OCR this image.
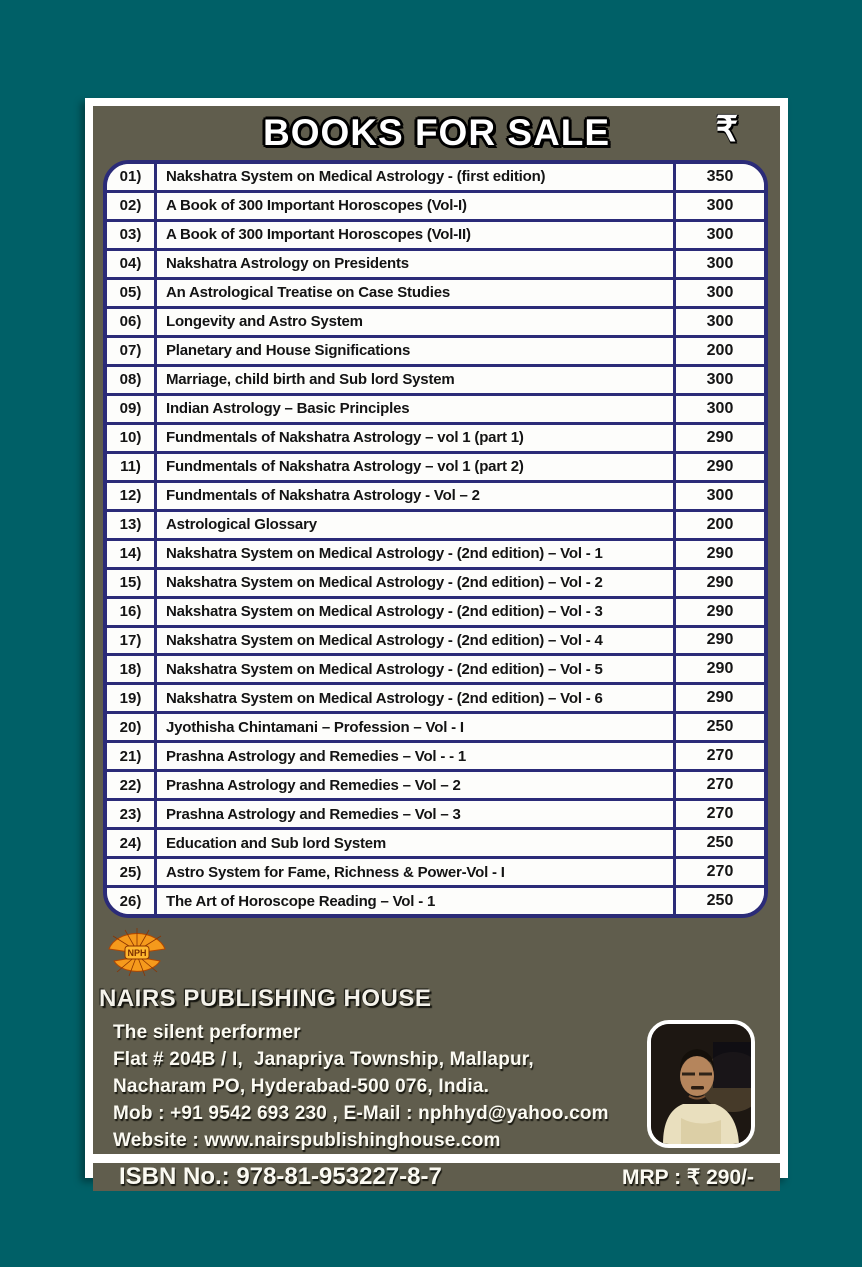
BOOKS FOR SALE	₹
01)	Nakshatra System on Medical Astrology - (first edition)	350
02)	A Book of 300 Important Horoscopes (Vol-I)	300
03)	A Book of 300 Important Horoscopes (Vol-II)	300
04)	Nakshatra Astrology on Presidents	300
05)	An Astrological Treatise on Case Studies	300
06)	Longevity and Astro System	300
07)	Planetary and House Significations	200
08)	Marriage, child birth and Sub lord System	300
09)	Indian Astrology – Basic Principles	300
10)	Fundmentals of Nakshatra Astrology – vol 1 (part 1)	290
11)	Fundmentals of Nakshatra Astrology – vol 1 (part 2)	290
12)	Fundmentals of Nakshatra Astrology - Vol – 2	300
13)	Astrological Glossary	200
14)	Nakshatra System on Medical Astrology - (2nd edition) – Vol - 1	290
15)	Nakshatra System on Medical Astrology - (2nd edition) – Vol - 2	290
16)	Nakshatra System on Medical Astrology - (2nd edition) – Vol - 3	290
17)	Nakshatra System on Medical Astrology - (2nd edition) – Vol - 4	290
18)	Nakshatra System on Medical Astrology - (2nd edition) – Vol - 5	290
19)	Nakshatra System on Medical Astrology - (2nd edition) – Vol - 6	290
20)	Jyothisha Chintamani – Profession – Vol - I	250
21)	Prashna Astrology and Remedies – Vol - - 1	270
22)	Prashna Astrology and Remedies – Vol – 2	270
23)	Prashna Astrology and Remedies – Vol – 3	270
24)	Education and Sub lord System	250
25)	Astro System for Fame, Richness & Power-Vol - I	270
26)	The Art of Horoscope Reading – Vol - 1	250
NPH
NAIRS PUBLISHING HOUSE
The silent performer
Flat # 204B / I,  Janapriya Township, Mallapur,
Nacharam PO, Hyderabad-500 076, India.
Mob : +91 9542 693 230 , E-Mail : nphhyd@yahoo.com
Website : www.nairspublishinghouse.com
ISBN No.: 978-81-953227-8-7	MRP : ₹ 290/-
